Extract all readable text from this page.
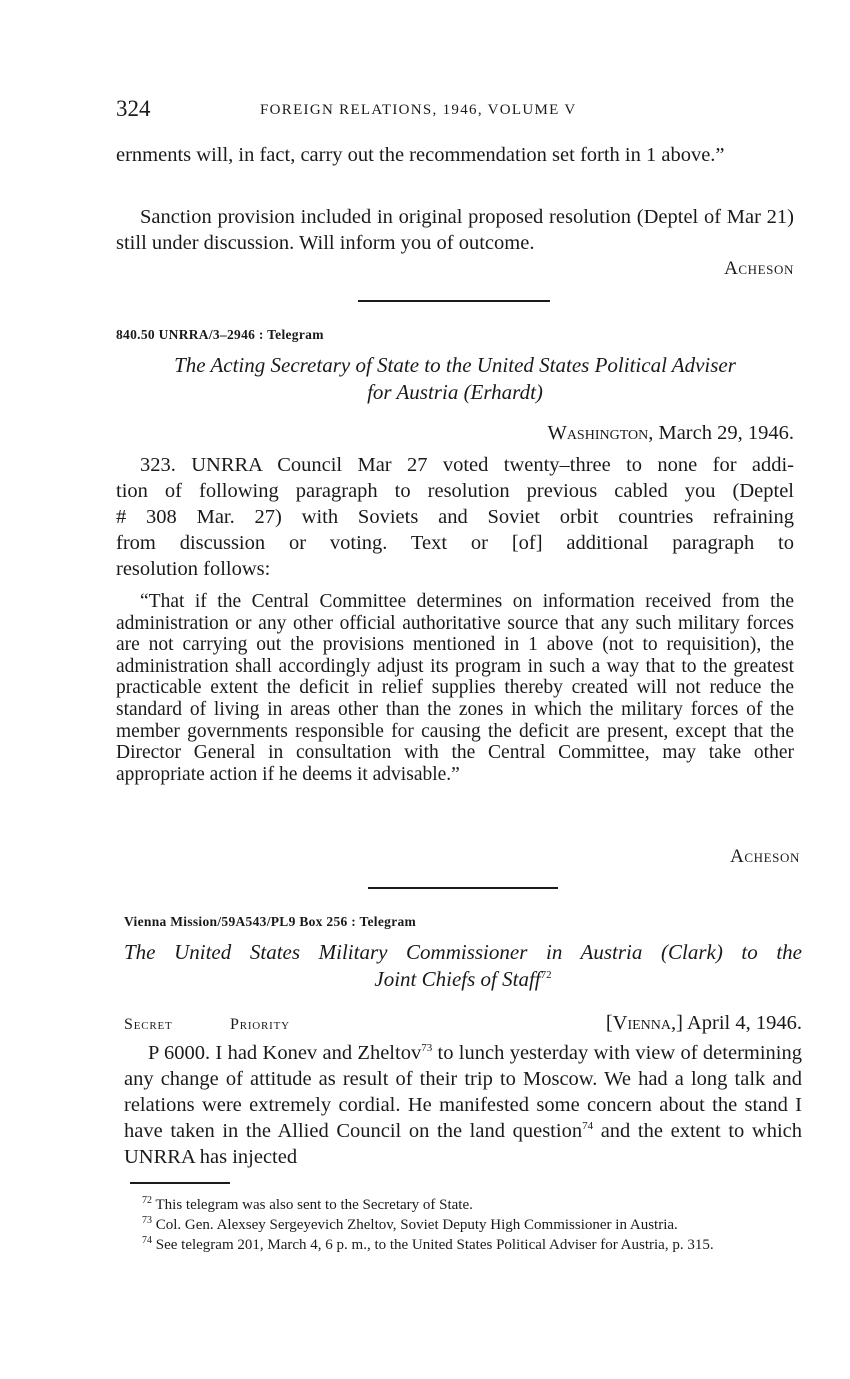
324	FOREIGN RELATIONS, 1946, VOLUME V

ernments will, in fact, carry out the recommendation set forth in 1 above.”

Sanction provision included in original proposed resolution (Deptel of Mar 21) still under discussion. Will inform you of outcome.

Acheson
840.50 UNRRA/3–2946 : Telegram

The Acting Secretary of State to the United States Political Adviser

for Austria (Erhardt)

Washington, March 29, 1946.
323. UNRRA Council Mar 27 voted twenty–three to none for addi-
tion of following paragraph to resolution previous cabled you (Deptel
# 308 Mar. 27) with Soviets and Soviet orbit countries refraining
from discussion or voting. Text or [of] additional paragraph to
resolution follows:

“That if the Central Committee determines on information received from the administration or any other official authoritative source that any such military forces are not carrying out the provisions mentioned in 1 above (not to requisition), the administration shall accordingly adjust its program in such a way that to the greatest practicable extent the deficit in relief supplies thereby created will not reduce the standard of living in areas other than the zones in which the military forces of the member governments responsible for causing the deficit are present, except that the Director General in consultation with the Central Committee, may take other appropriate action if he deems it advisable.”

Acheson
Vienna Mission/59A543/PL9 Box 256 : Telegram

The United States Military Commissioner in Austria (Clark) to the

Joint Chiefs of Staff$^{72}$

Secret	Priority	[Vienna,] April 4, 1946.

P 6000. I had Konev and Zheltov$^{73}$ to lunch yesterday with view of determining any change of attitude as result of their trip to Moscow. We had a long talk and relations were extremely cordial. He manifested some concern about the stand I have taken in the Allied Council on the land question$^{74}$ and the extent to which UNRRA has injected

$^{72}$ This telegram was also sent to the Secretary of State.

$^{73}$ Col. Gen. Alexsey Sergeyevich Zheltov, Soviet Deputy High Commissioner in Austria.

$^{74}$ See telegram 201, March 4, 6 p. m., to the United States Political Adviser for Austria, p. 315.
